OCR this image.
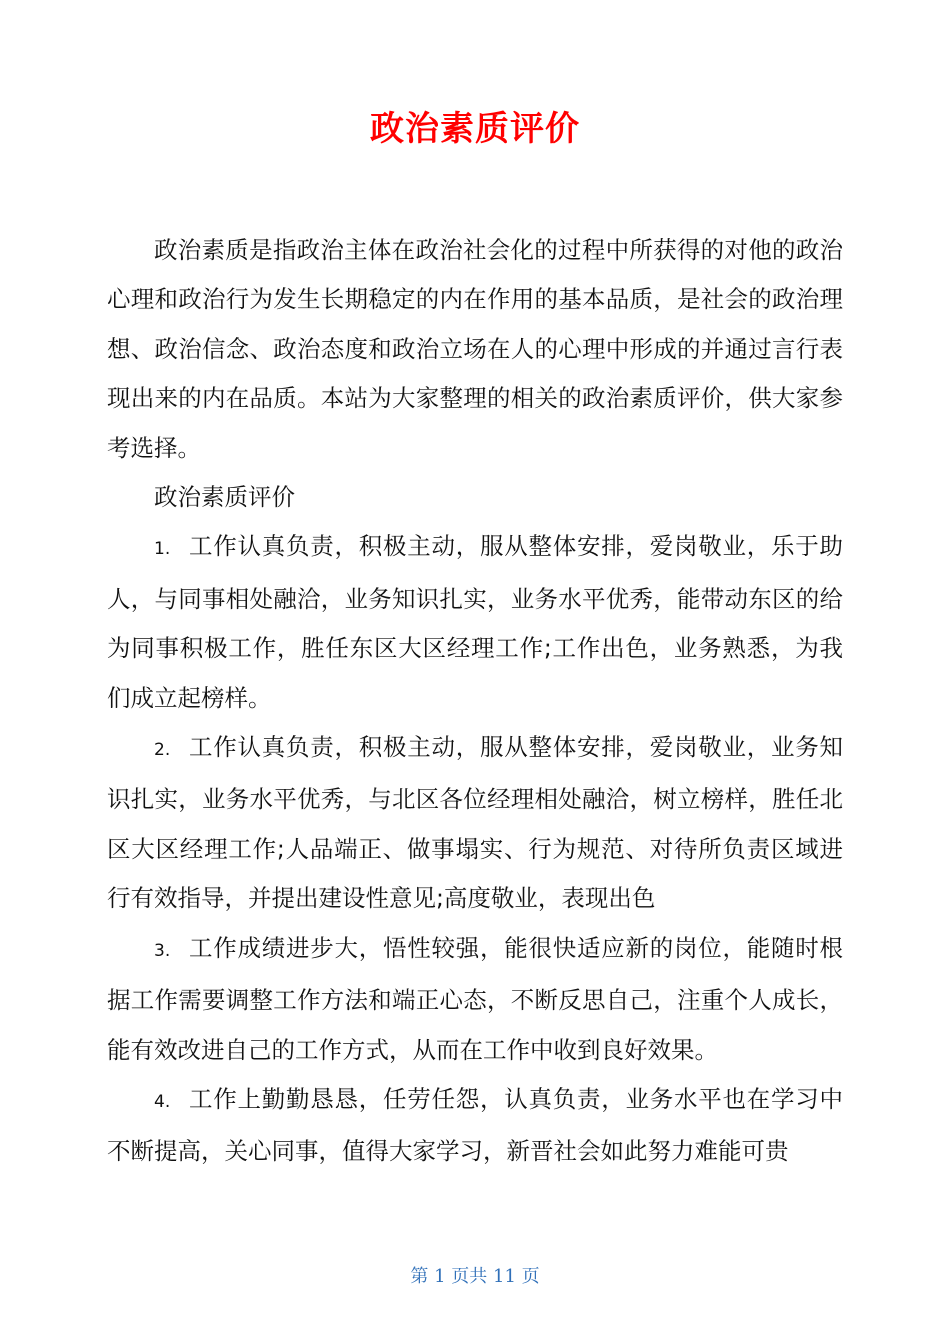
政治素质评价

政治素质是指政治主体在政治社会化的过程中所获得的对他的政治心理和政治行为发生长期稳定的内在作用的基本品质，是社会的政治理想、政治信念、政治态度和政治立场在人的心理中形成的并通过言行表现出来的内在品质。本站为大家整理的相关的政治素质评价，供大家参考选择。

政治素质评价

1. 工作认真负责，积极主动，服从整体安排，爱岗敬业，乐于助人，与同事相处融洽，业务知识扎实，业务水平优秀，能带动东区的给为同事积极工作，胜任东区大区经理工作;工作出色，业务熟悉，为我们成立起榜样。

2. 工作认真负责，积极主动，服从整体安排，爱岗敬业，业务知识扎实，业务水平优秀，与北区各位经理相处融洽，树立榜样，胜任北区大区经理工作;人品端正、做事塌实、行为规范、对待所负责区域进行有效指导，并提出建设性意见;高度敬业，表现出色

3. 工作成绩进步大，悟性较强，能很快适应新的岗位，能随时根据工作需要调整工作方法和端正心态，不断反思自己，注重个人成长，能有效改进自己的工作方式，从而在工作中收到良好效果。

4. 工作上勤勤恳恳，任劳任怨，认真负责，业务水平也在学习中不断提高，关心同事，值得大家学习，新晋社会如此努力难能可贵

第 1 页共 11 页
